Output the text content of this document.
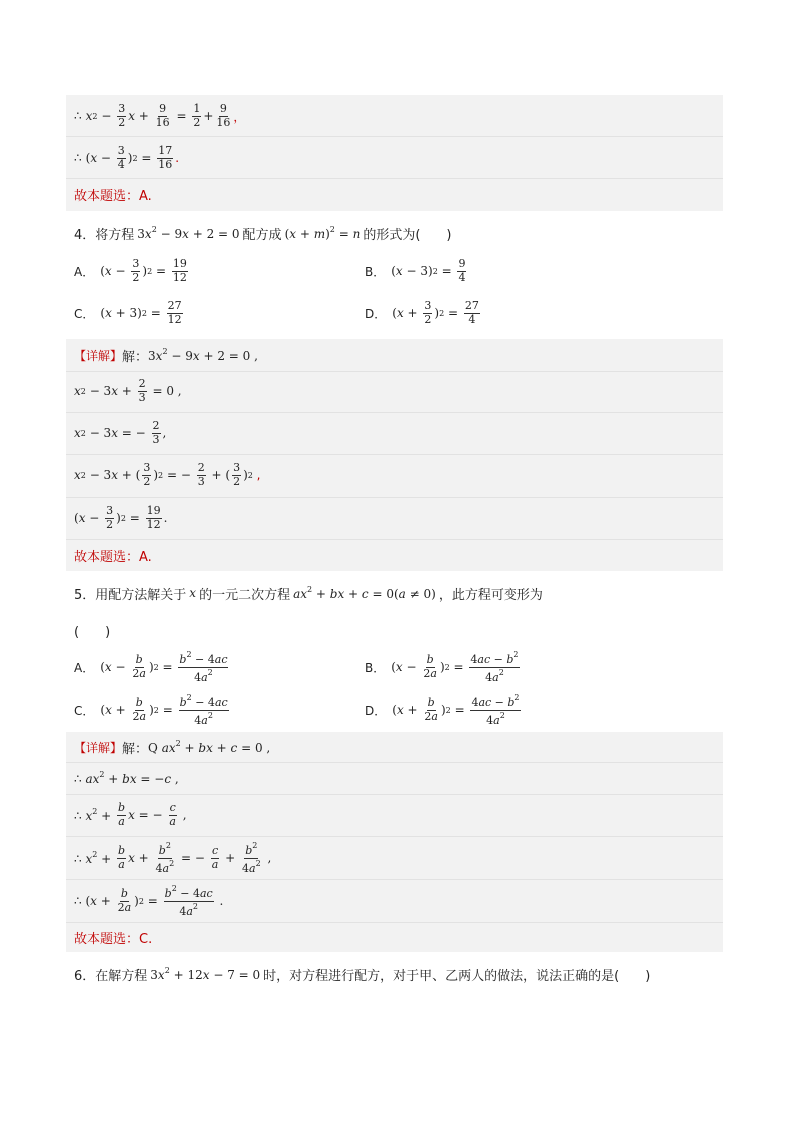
∴ x $2 - \frac{3}{2}$ $x + \frac{9}{16} = \frac{1}{2} + \frac{9}{16}$ ，
∴ ( $x - \frac{3}{4}$ ) $2 = \frac{17}{16}$ .
故本题选：A.
4．将方程 $3x^2 - 9x + 2 = 0$ 配方成 $(x + m)^2 = n$ 的形式为(　　)
A． ($x - \frac{3}{2}$ ) $2 = \frac{19}{12}$	B． (x − 3) $2 = \frac{9}{4}$
C． (x + 3) $2 = \frac{27}{12}$	D． ($x + \frac{3}{2}$ ) $2 = \frac{27}{4}$
【详解】 解： $3x^2 - 9x + 2 = 0$ ,
x $2 - 3x + \frac{2}{3} = 0$ ,
x 2 − 3x = − $\frac{2}{3}$ ,
x 2 − 3x + ( $\frac{3}{2}$ ) 2 = − $\frac{2}{3}$ + ( $\frac{3}{2}$ ) 2 ,
($x - \frac{3}{2}$ ) $2 = \frac{19}{12}$ .
故本题选：A.
5．用配方法解关于 x 的一元二次方程 $ax^2$ + bx + c = 0(a ≠ 0) ，此方程可变形为
(　　)
A． ($x - \frac{b}{2a}$ ) $2 = \frac{b^2 - 4ac}{4a^2}$	B． ($x - \frac{b}{2a}$ ) $2 = \frac{4ac - b^2}{4a^2}$
C． ($x + \frac{b}{2a}$ ) $2 = \frac{b^2 - 4ac}{4a^2}$	D． ($x + \frac{b}{2a}$ ) $2 = \frac{4ac - b^2}{4a^2}$
【详解】 解： Q $ax^2$ + bx + c = 0 ,
∴ $ax^2$ + bx = −c ,
∴ $x^2 + \frac{b}{a}$ x = − $\frac{c}{a}$ ,
∴ $x^2 + \frac{b}{a}$ $x + \frac{b^2}{4a^2}$ = − $\frac{c}{a} + \frac{b^2}{4a^2}$ ,
∴ ($x + \frac{b}{2a}$ ) $2 = \frac{b^2 - 4ac}{4a^2}$ .
故本题选：C.
6．在解方程 $3x^2 + 12x - 7 = 0$ 时，对方程进行配方，对于甲、乙两人的做法，说法正确的是(　　)
